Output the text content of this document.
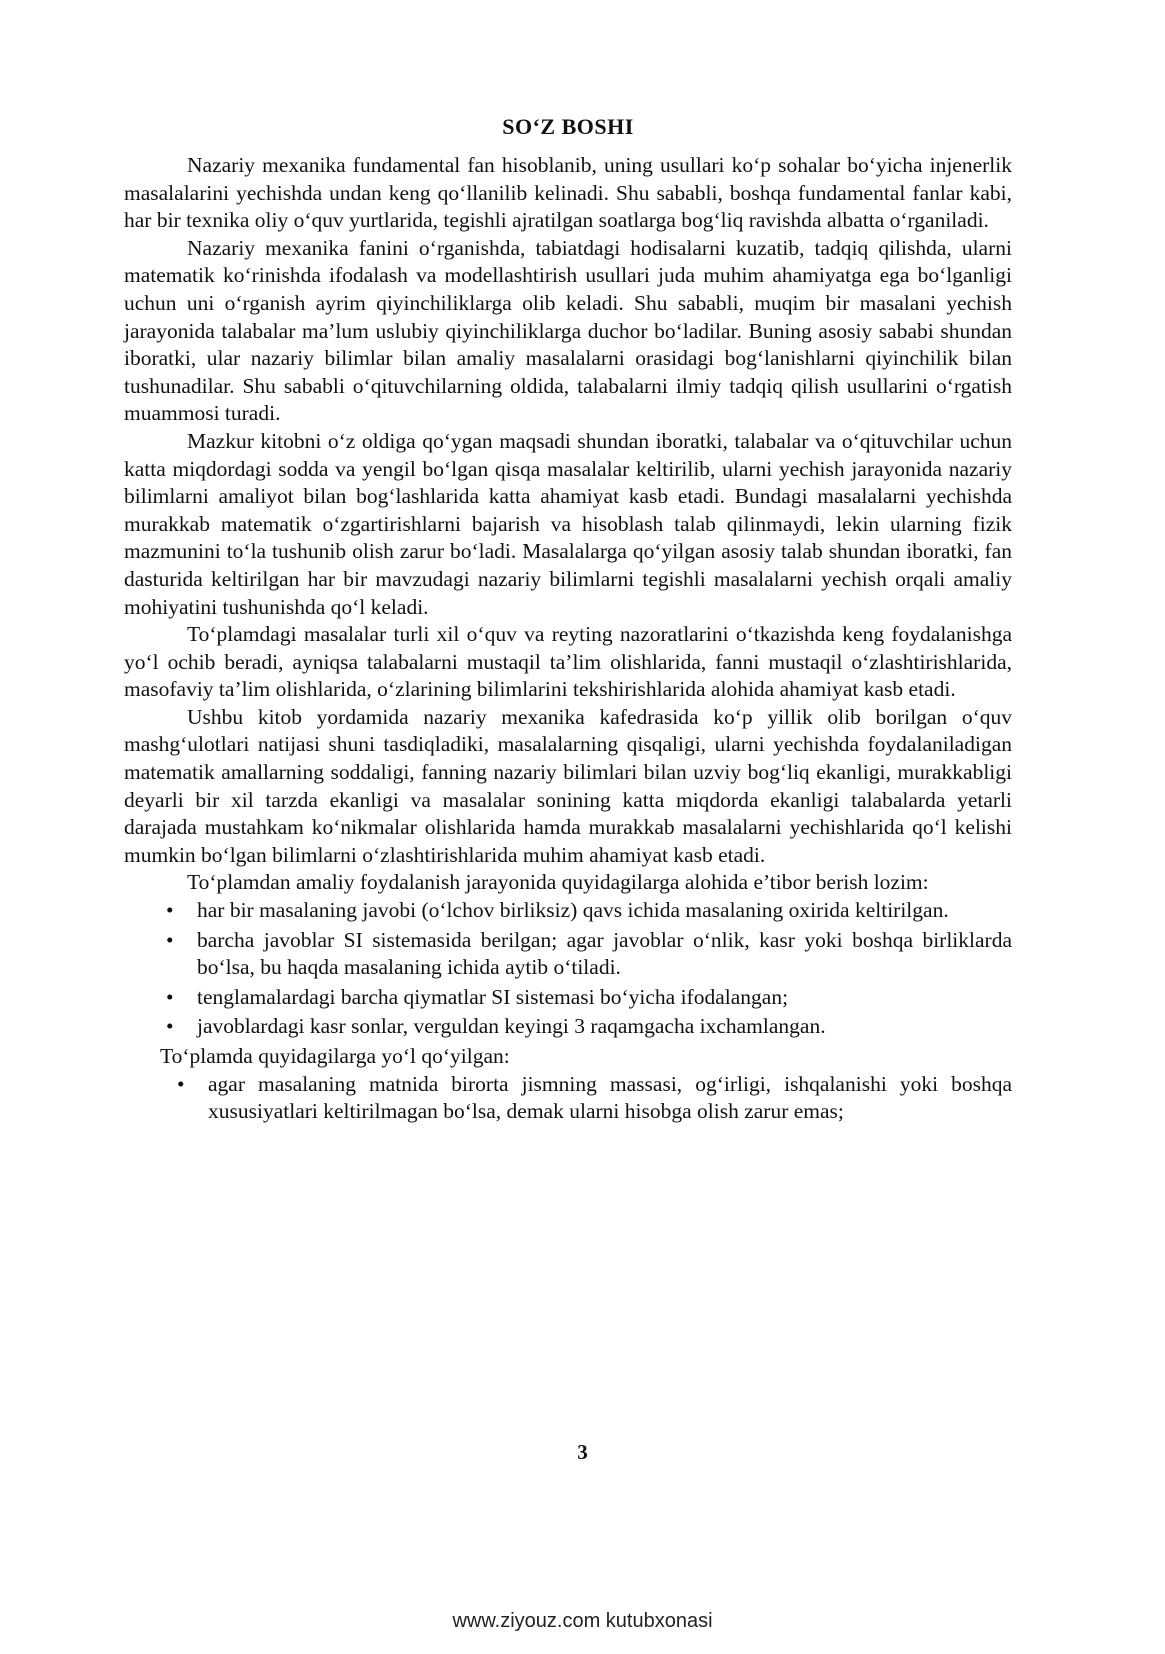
SO‘Z BOSHI

Nazariy mexanika fundamental fan hisoblanib, uning usullari ko‘p sohalar bo‘yicha injenerlik masalalarini yechishda undan keng qo‘llanilib kelinadi. Shu sababli, boshqa fundamental fanlar kabi, har bir texnika oliy o‘quv yurtlarida, tegishli ajratilgan soatlarga bog‘liq ravishda albatta o‘rganiladi.

Nazariy mexanika fanini o‘rganishda, tabiatdagi hodisalarni kuzatib, tadqiq qilishda, ularni matematik ko‘rinishda ifodalash va modellashtirish usullari juda muhim ahamiyatga ega bo‘lganligi uchun uni o‘rganish ayrim qiyinchiliklarga olib keladi. Shu sababli, muqim bir masalani yechish jarayonida talabalar ma’lum uslubiy qiyinchiliklarga duchor bo‘ladilar. Buning asosiy sababi shundan iboratki, ular nazariy bilimlar bilan amaliy masalalarni orasidagi bog‘lanishlarni qiyinchilik bilan tushunadilar. Shu sababli o‘qituvchilarning oldida, talabalarni ilmiy tadqiq qilish usullarini o‘rgatish muammosi turadi.

Mazkur kitobni o‘z oldiga qo‘ygan maqsadi shundan iboratki, talabalar va o‘qituvchilar uchun katta miqdordagi sodda va yengil bo‘lgan qisqa masalalar keltirilib, ularni yechish jarayonida nazariy bilimlarni amaliyot bilan bog‘lashlarida katta ahamiyat kasb etadi. Bundagi masalalarni yechishda murakkab matematik o‘zgartirishlarni bajarish va hisoblash talab qilinmaydi, lekin ularning fizik mazmunini to‘la tushunib olish zarur bo‘ladi. Masalalarga qo‘yilgan asosiy talab shundan iboratki, fan dasturida keltirilgan har bir mavzudagi nazariy bilimlarni tegishli masalalarni yechish orqali amaliy mohiyatini tushunishda qo‘l keladi.

To‘plamdagi masalalar turli xil o‘quv va reyting nazoratlarini o‘tkazishda keng foydalanishga yo‘l ochib beradi, ayniqsa talabalarni mustaqil ta’lim olishlarida, fanni mustaqil o‘zlashtirishlarida, masofaviy ta’lim olishlarida, o‘zlarining bilimlarini tekshirishlarida alohida ahamiyat kasb etadi.

Ushbu kitob yordamida nazariy mexanika kafedrasida ko‘p yillik olib borilgan o‘quv mashg‘ulotlari natijasi shuni tasdiqladiki, masalalarning qisqaligi, ularni yechishda foydalaniladigan matematik amallarning soddaligi, fanning nazariy bilimlari bilan uzviy bog‘liq ekanligi, murakkabligi deyarli bir xil tarzda ekanligi va masalalar sonining katta miqdorda ekanligi talabalarda yetarli darajada mustahkam ko‘nikmalar olishlarida hamda murakkab masalalarni yechishlarida qo‘l kelishi mumkin bo‘lgan bilimlarni o‘zlashtirishlarida muhim ahamiyat kasb etadi.

To‘plamdan amaliy foydalanish jarayonida quyidagilarga alohida e’tibor berish lozim:

• har bir masalaning javobi (o‘lchov birliksiz) qavs ichida masalaning oxirida keltirilgan.
• barcha javoblar SI sistemasida berilgan; agar javoblar o‘nlik, kasr yoki boshqa birliklarda bo‘lsa, bu haqda masalaning ichida aytib o‘tiladi.
• tenglamalardagi barcha qiymatlar SI sistemasi bo‘yicha ifodalangan;
• javoblardagi kasr sonlar, verguldan keyingi 3 raqamgacha ixchamlangan.

To‘plamda quyidagilarga yo‘l qo‘yilgan:

• agar masalaning matnida birorta jismning massasi, og‘irligi, ishqalanishi yoki boshqa xususiyatlari keltirilmagan bo‘lsa, demak ularni hisobga olish zarur emas;
3
www.ziyouz.com kutubxonasi
